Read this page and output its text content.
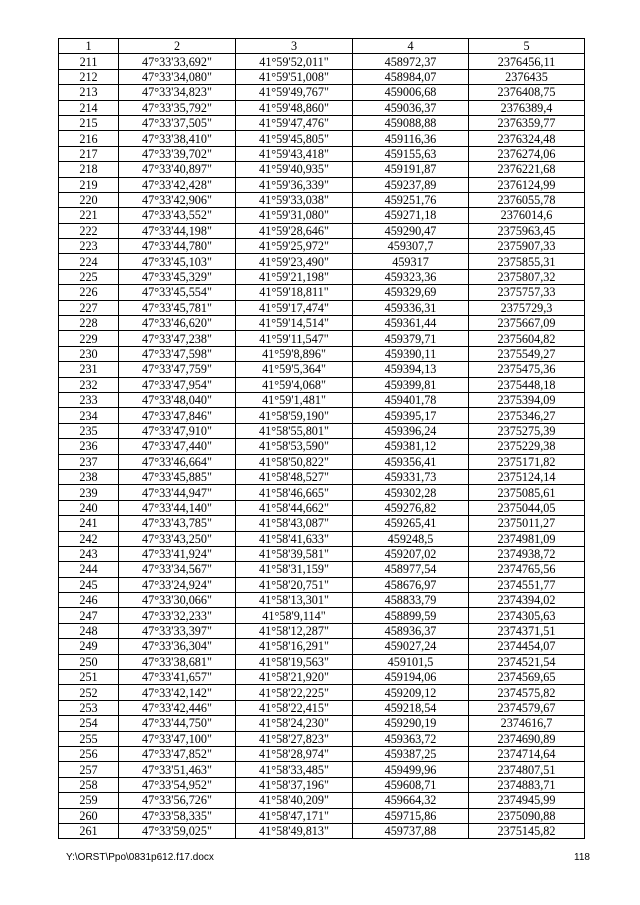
1	2	3	4	5
211	47°33'33,692"	41°59'52,011"	458972,37	2376456,11
212	47°33'34,080"	41°59'51,008"	458984,07	2376435
213	47°33'34,823"	41°59'49,767"	459006,68	2376408,75
214	47°33'35,792"	41°59'48,860"	459036,37	2376389,4
215	47°33'37,505"	41°59'47,476"	459088,88	2376359,77
216	47°33'38,410"	41°59'45,805"	459116,36	2376324,48
217	47°33'39,702"	41°59'43,418"	459155,63	2376274,06
218	47°33'40,897"	41°59'40,935"	459191,87	2376221,68
219	47°33'42,428"	41°59'36,339"	459237,89	2376124,99
220	47°33'42,906"	41°59'33,038"	459251,76	2376055,78
221	47°33'43,552"	41°59'31,080"	459271,18	2376014,6
222	47°33'44,198"	41°59'28,646"	459290,47	2375963,45
223	47°33'44,780"	41°59'25,972"	459307,7	2375907,33
224	47°33'45,103"	41°59'23,490"	459317	2375855,31
225	47°33'45,329"	41°59'21,198"	459323,36	2375807,32
226	47°33'45,554"	41°59'18,811"	459329,69	2375757,33
227	47°33'45,781"	41°59'17,474"	459336,31	2375729,3
228	47°33'46,620"	41°59'14,514"	459361,44	2375667,09
229	47°33'47,238"	41°59'11,547"	459379,71	2375604,82
230	47°33'47,598"	41°59'8,896"	459390,11	2375549,27
231	47°33'47,759"	41°59'5,364"	459394,13	2375475,36
232	47°33'47,954"	41°59'4,068"	459399,81	2375448,18
233	47°33'48,040"	41°59'1,481"	459401,78	2375394,09
234	47°33'47,846"	41°58'59,190"	459395,17	2375346,27
235	47°33'47,910"	41°58'55,801"	459396,24	2375275,39
236	47°33'47,440"	41°58'53,590"	459381,12	2375229,38
237	47°33'46,664"	41°58'50,822"	459356,41	2375171,82
238	47°33'45,885"	41°58'48,527"	459331,73	2375124,14
239	47°33'44,947"	41°58'46,665"	459302,28	2375085,61
240	47°33'44,140"	41°58'44,662"	459276,82	2375044,05
241	47°33'43,785"	41°58'43,087"	459265,41	2375011,27
242	47°33'43,250"	41°58'41,633"	459248,5	2374981,09
243	47°33'41,924"	41°58'39,581"	459207,02	2374938,72
244	47°33'34,567"	41°58'31,159"	458977,54	2374765,56
245	47°33'24,924"	41°58'20,751"	458676,97	2374551,77
246	47°33'30,066"	41°58'13,301"	458833,79	2374394,02
247	47°33'32,233"	41°58'9,114"	458899,59	2374305,63
248	47°33'33,397"	41°58'12,287"	458936,37	2374371,51
249	47°33'36,304"	41°58'16,291"	459027,24	2374454,07
250	47°33'38,681"	41°58'19,563"	459101,5	2374521,54
251	47°33'41,657"	41°58'21,920"	459194,06	2374569,65
252	47°33'42,142"	41°58'22,225"	459209,12	2374575,82
253	47°33'42,446"	41°58'22,415"	459218,54	2374579,67
254	47°33'44,750"	41°58'24,230"	459290,19	2374616,7
255	47°33'47,100"	41°58'27,823"	459363,72	2374690,89
256	47°33'47,852"	41°58'28,974"	459387,25	2374714,64
257	47°33'51,463"	41°58'33,485"	459499,96	2374807,51
258	47°33'54,952"	41°58'37,196"	459608,71	2374883,71
259	47°33'56,726"	41°58'40,209"	459664,32	2374945,99
260	47°33'58,335"	41°58'47,171"	459715,86	2375090,88
261	47°33'59,025"	41°58'49,813"	459737,88	2375145,82
Y:\ORST\Ppo\0831p612.f17.docx	118
